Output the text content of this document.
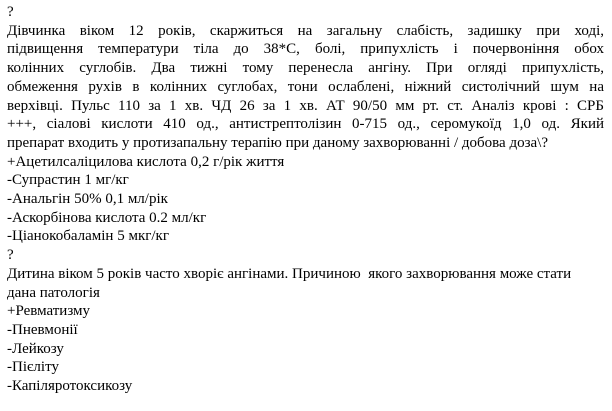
?
Дівчинка віком 12 років, скаржиться на загальну слабість, задишку при ході,
підвищення температури тіла до 38*С, болі, припухлість і почервоніння обох
колінних суглобів. Два тижні тому перенесла ангіну. При огляді припухлість,
обмеження рухів в колінних суглобах, тони ослаблені, ніжний систолічний шум на
верхівці. Пульс 110 за 1 хв. ЧД 26 за 1 хв. АТ 90/50 мм рт. ст. Аналіз крові : СРБ
+++, сіалові кислоти 410 од., антистрептолізин 0-715 од., серомукоїд 1,0 од. Який
препарат входить у протизапальну терапію при даному захворюванні / добова доза\?
+Ацетилсаліцилова кислота 0,2 г/рік життя
-Супрастин 1 мг/кг
-Анальгін 50% 0,1 мл/рік
-Аскорбінова кислота 0.2 мл/кг
-Ціанокобаламін 5 мкг/кг
?
Дитина віком 5 років часто хворіє ангінами. Причиною  якого захворювання може стати
дана патологія
+Ревматизму
-Пневмонії
-Лейкозу
-Пієліту
-Капіляротоксикозу
